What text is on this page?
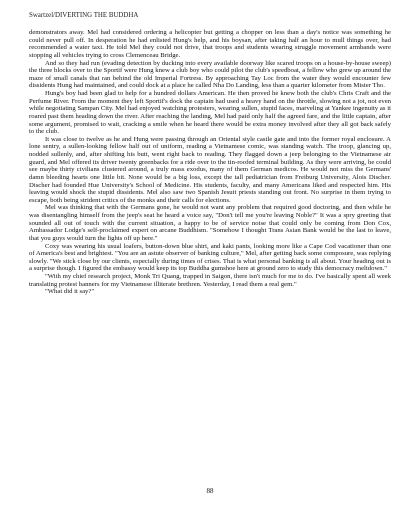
Swartzel/DIVERTING THE BUDDHA

demonstrators away. Mel had considered ordering a helicopter but getting a chopper on less than a day's notice was something he could never pull off. In desperation he had enlisted Hung's help, and his boysan, after taking half an hour to mull things over, had recommended a water taxi. He told Mel they could not drive, that troops and students wearing struggle movement armbands were stopping all vehicles trying to cross Clemenceau Bridge.

And so they had run (evading detection by ducking into every available doorway like scared troops on a house-by-house sweep) the three blocks over to the Sportif were Hung knew a club boy who could pilot the club's speedboat, a fellow who grew up around the maze of small canals that ran behind the old Imperial Fortress. By approaching Tay Loc from the water they would encounter few dissidents Hung had maintained, and could dock at a place he called Nha Do Landing, less than a quarter kilometer from Mister Tho.

Hung's boy had been glad to help for a hundred dollars American. He then proved he knew both the club's Chris Craft and the Perfume River. From the moment they left Sportif's dock the captain had used a heavy hand on the throttle, slowing not a jot, not even while negotiating Sampan City. Mel had enjoyed watching protesters, wearing sullen, stupid faces, marveling at Yankee ingenuity as it roared past them heading down the river. After reaching the landing, Mel had paid only half the agreed fare, and the little captain, after some argument, promised to wait, cracking a smile when he heard there would be extra money involved after they all got back safely to the club.

It was close to twelve as he and Hung were passing through an Oriental style castle gate and into the former royal enclosure. A lone sentry, a sullen-looking fellow half out of uniform, reading a Vietnamese comic, was standing watch. The troop, glancing up, nodded sullenly, and, after shifting his butt, went right back to reading. They flagged down a jeep belonging to the Vietnamese air guard, and Mel offered its driver twenty greenbacks for a ride over to the tin-roofed terminal building. As they were arriving, he could see maybe thirty civilians clustered around, a truly mass exodus, many of them German medicos. He would not miss the Germans' damn bleeding hearts one little bit. None would be a big loss, except the tall pediatrician from Freiburg University, Alois Discher. Discher had founded Hue University's School of Medicine. His students, faculty, and many Americans liked and respected him. His leaving would shock the stupid dissidents. Mel also saw two Spanish Jesuit priests standing out front. No surprise in them trying to escape, both being strident critics of the monks and their calls for elections.

Mel was thinking that with the Germans gone, he would not want any problem that required good doctoring, and then while he was disentangling himself from the jeep's seat he heard a voice say, "Don't tell me you're leaving Noble?" It was a spry greeting that sounded all out of touch with the current situation, a happy to be of service noise that could only be coming from Don Cox, Ambassador Lodge's self-proclaimed expert on arcane Buddhism. "Somehow I thought Trans Asian Bank would be the last to leave, that you guys would turn the lights off up here."

Coxy was wearing his usual loafers, button-down blue shirt, and kaki pants, looking more like a Cape Cod vacationer than one of America's best and brightest. "You are an astute observer of banking culture," Mel, after getting back some composure, was replying slowly. "We stick close by our clients, especially during times of crises. That is what personal banking is all about. Your heading out is a surprise though. I figured the embassy would keep its top Buddha gumshoe here at ground zero to study this democracy meltdown."

"With my chief research project, Monk Tri Quang, trapped in Saigon, there isn't much for me to do. I've basically spent all week translating protest banners for my Vietnamese illiterate brethren. Yesterday, I read them a real gem."

"What did it say?"

88
